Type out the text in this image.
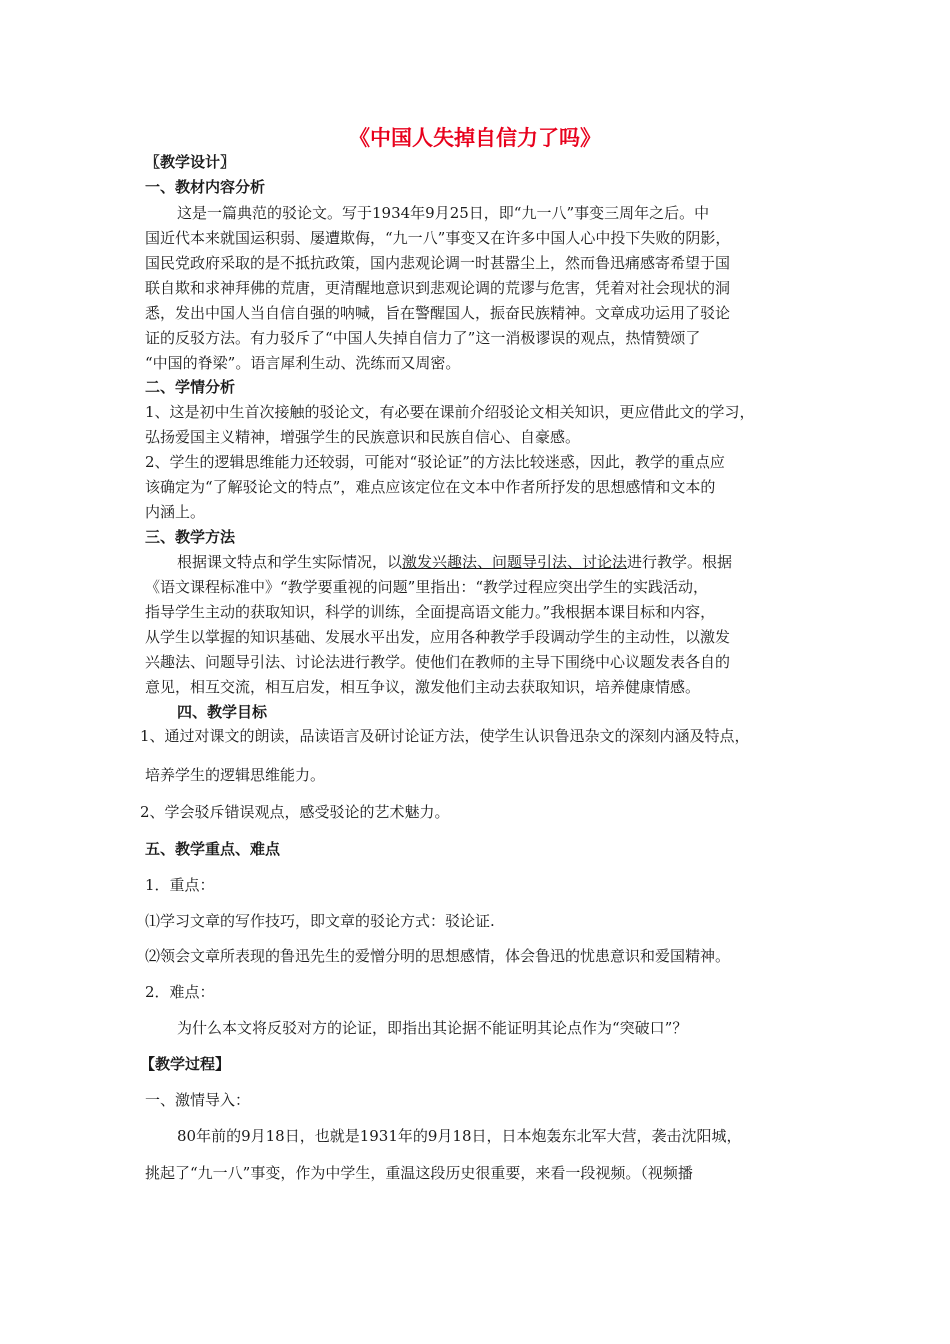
《中国人失掉自信力了吗》
〖教学设计〗
一、教材内容分析
这是一篇典范的驳论文。写于1934年9月25日，即“九一八”事变三周年之后。中
国近代本来就国运积弱、屡遭欺侮，“九一八”事变又在许多中国人心中投下失败的阴影，
国民党政府采取的是不抵抗政策，国内悲观论调一时甚嚣尘上，然而鲁迅痛感寄希望于国
联自欺和求神拜佛的荒唐，更清醒地意识到悲观论调的荒谬与危害，凭着对社会现状的洞
悉，发出中国人当自信自强的呐喊，旨在警醒国人，振奋民族精神。文章成功运用了驳论
证的反驳方法。有力驳斥了“中国人失掉自信力了”这一消极谬误的观点，热情赞颂了
“中国的脊梁”。语言犀利生动、洗练而又周密。
二、学情分析
1、这是初中生首次接触的驳论文，有必要在课前介绍驳论文相关知识，更应借此文的学习，
弘扬爱国主义精神，增强学生的民族意识和民族自信心、自豪感。
2、学生的逻辑思维能力还较弱，可能对“驳论证”的方法比较迷惑，因此，教学的重点应
该确定为“了解驳论文的特点”，难点应该定位在文本中作者所抒发的思想感情和文本的
内涵上。
三、教学方法
根据课文特点和学生实际情况，以激发兴趣法、问题导引法、讨论法进行教学。根据
《语文课程标准中》“教学要重视的问题”里指出：“教学过程应突出学生的实践活动，
指导学生主动的获取知识，科学的训练，全面提高语文能力。”我根据本课目标和内容，
从学生以掌握的知识基础、发展水平出发，应用各种教学手段调动学生的主动性，以激发
兴趣法、问题导引法、讨论法进行教学。使他们在教师的主导下围绕中心议题发表各自的
意见，相互交流，相互启发，相互争议，激发他们主动去获取知识，培养健康情感。
四、教学目标
1、通过对课文的朗读，品读语言及研讨论证方法，使学生认识鲁迅杂文的深刻内涵及特点，
培养学生的逻辑思维能力。
2、学会驳斥错误观点，感受驳论的艺术魅力。
五、教学重点、难点
1．重点：
⑴学习文章的写作技巧，即文章的驳论方式：驳论证.
⑵领会文章所表现的鲁迅先生的爱憎分明的思想感情，体会鲁迅的忧患意识和爱国精神。
2．难点：
为什么本文将反驳对方的论证，即指出其论据不能证明其论点作为“突破口”？
【教学过程】
一、激情导入：
80年前的9月18日，也就是1931年的9月18日，日本炮轰东北军大营，袭击沈阳城，
挑起了“九一八”事变，作为中学生，重温这段历史很重要，来看一段视频。（视频播
